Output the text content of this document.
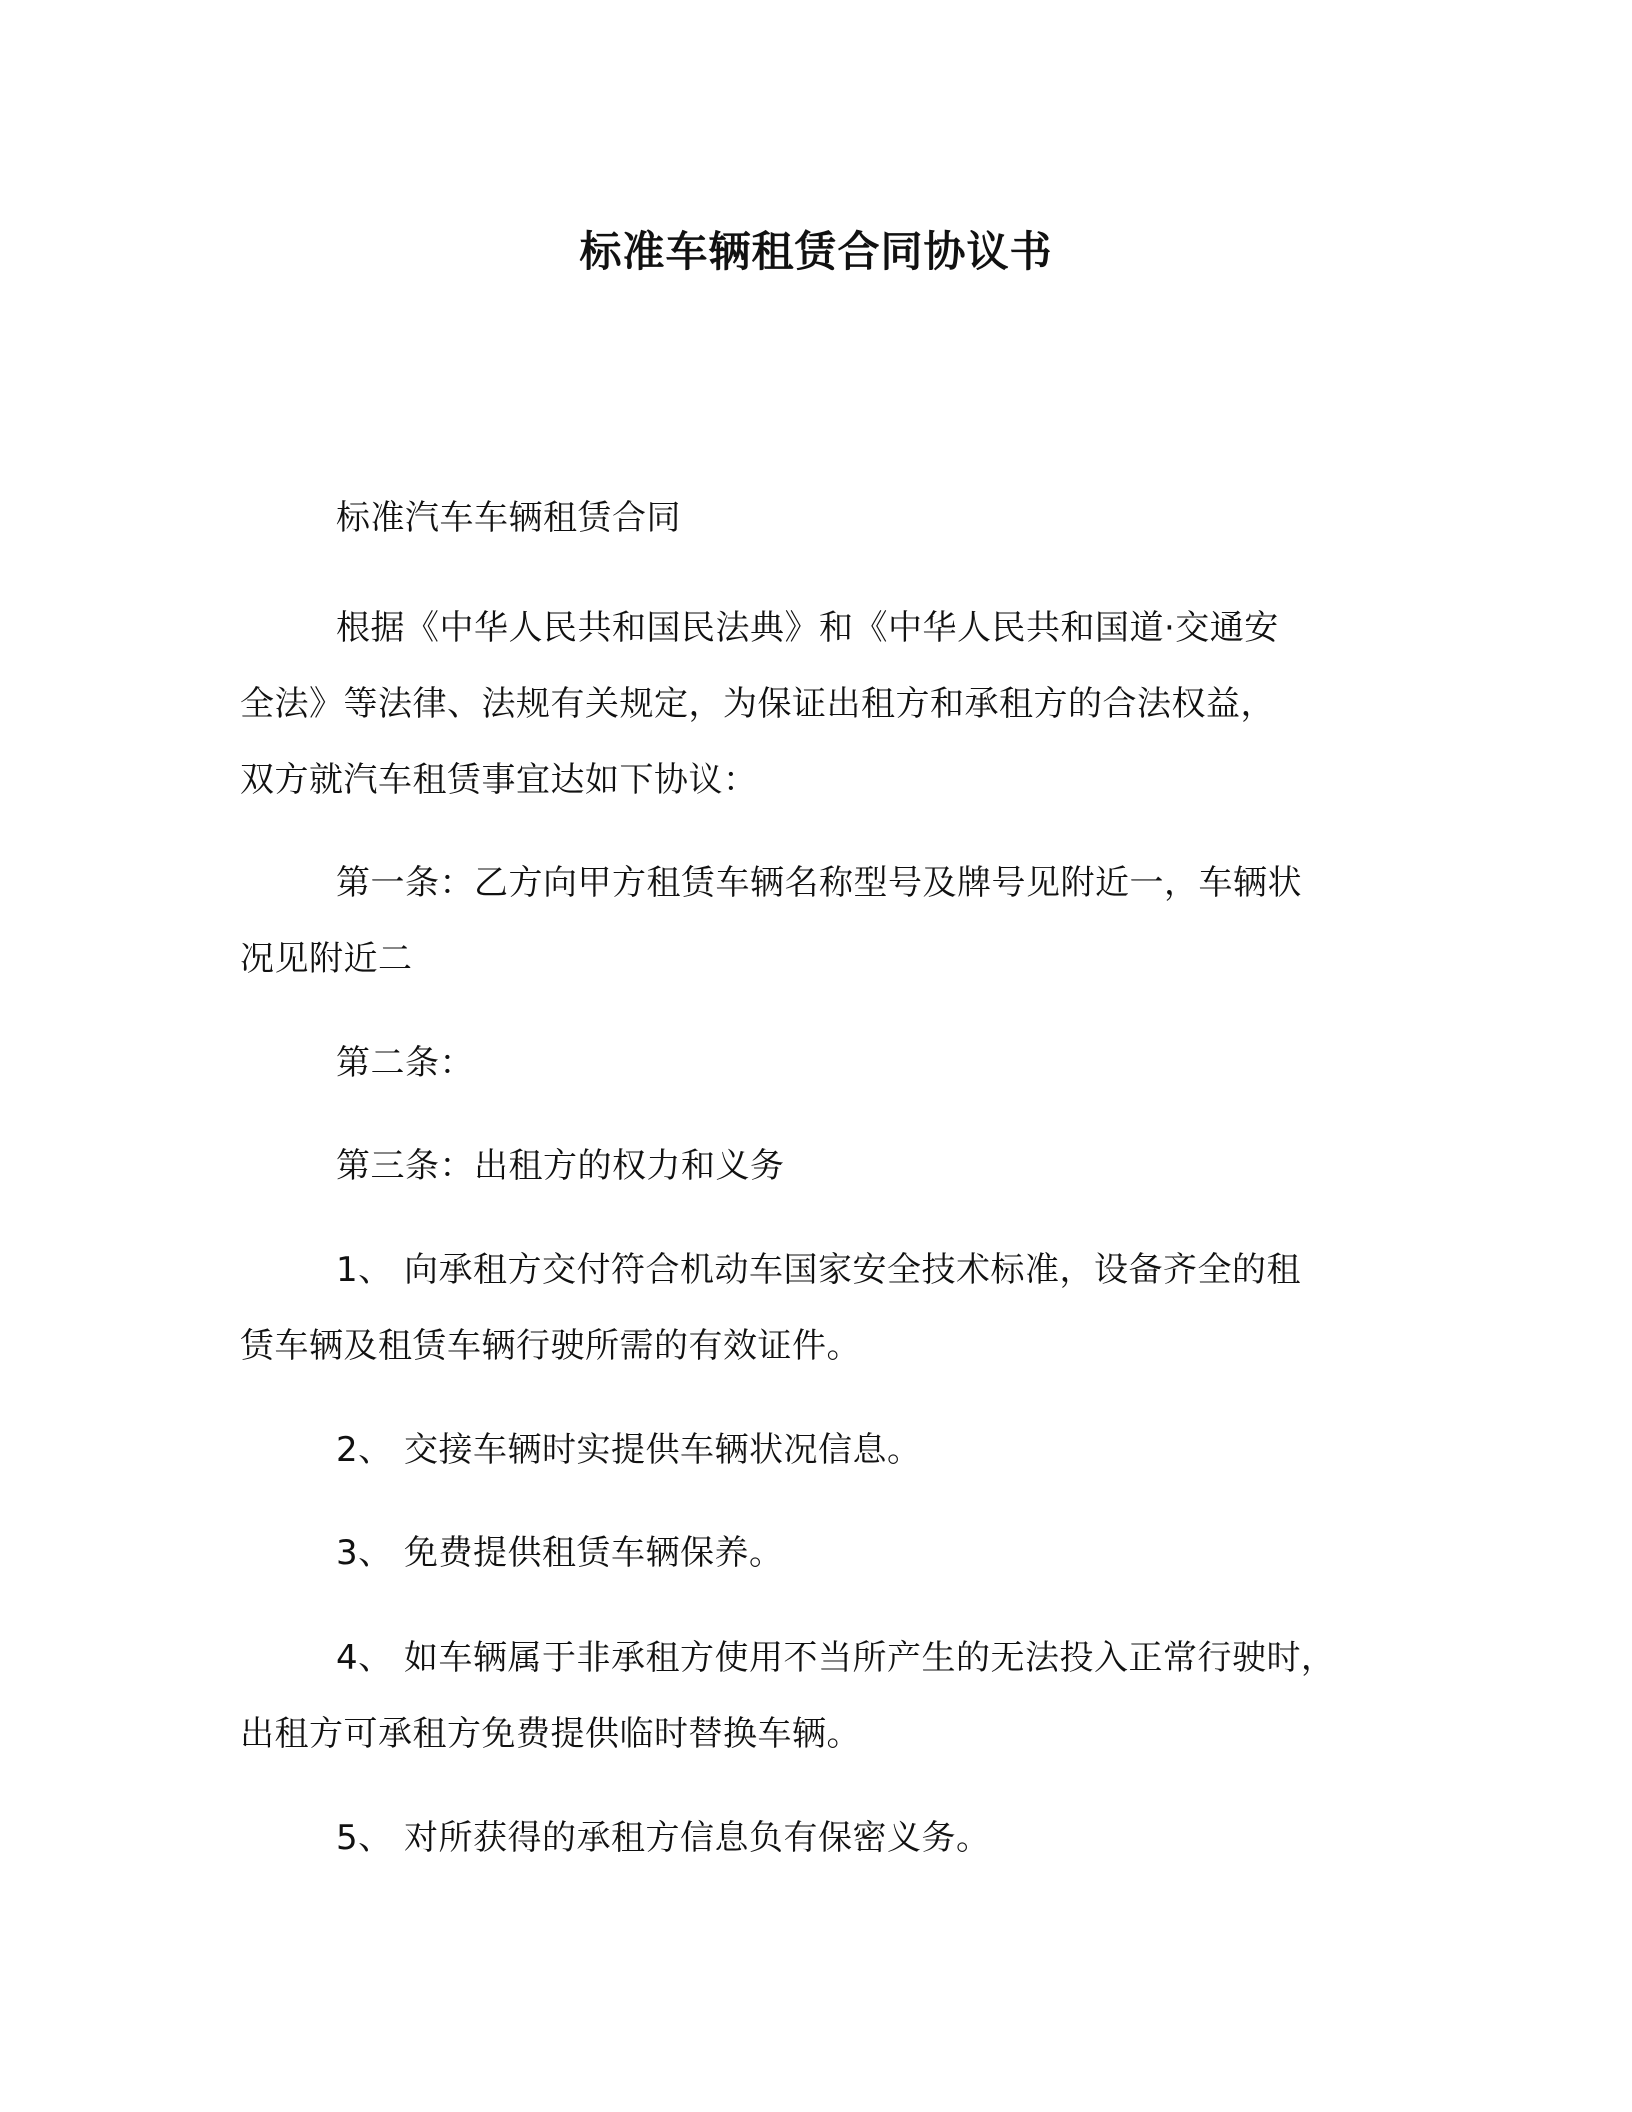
标准车辆租赁合同协议书

标准汽车车辆租赁合同

根据《中华人民共和国民法典》和《中华人民共和国道·交通安
全法》等法律、法规有关规定，为保证出租方和承租方的合法权益，
双方就汽车租赁事宜达如下协议：

第一条：乙方向甲方租赁车辆名称型号及牌号见附近一，车辆状
况见附近二

第二条：

第三条：出租方的权力和义务

1、 向承租方交付符合机动车国家安全技术标准，设备齐全的租
赁车辆及租赁车辆行驶所需的有效证件。

2、 交接车辆时实提供车辆状况信息。

3、 免费提供租赁车辆保养。

4、 如车辆属于非承租方使用不当所产生的无法投入正常行驶时，
出租方可承租方免费提供临时替换车辆。

5、 对所获得的承租方信息负有保密义务。
